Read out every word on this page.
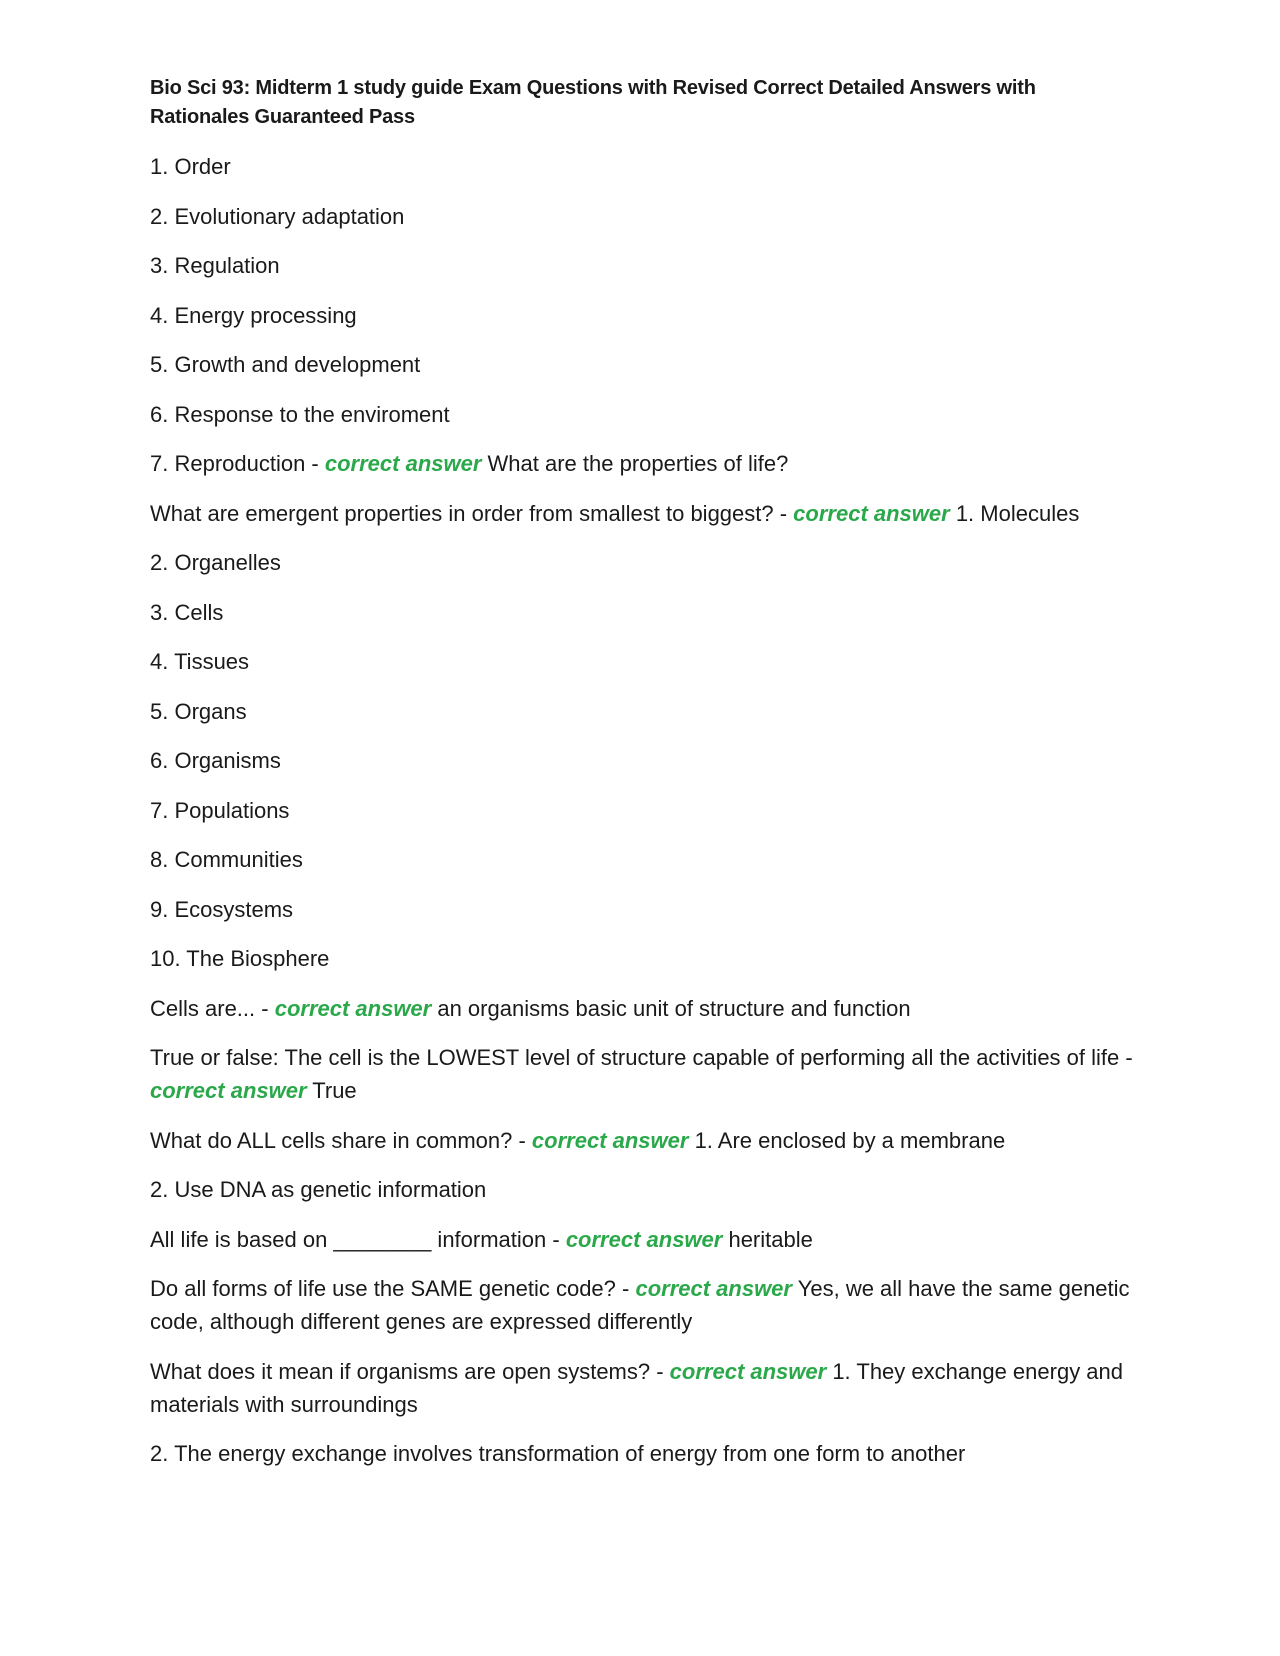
Bio Sci 93: Midterm 1 study guide Exam Questions with Revised Correct Detailed Answers with Rationales Guaranteed Pass

1. Order

2. Evolutionary adaptation

3. Regulation

4. Energy processing

5. Growth and development

6. Response to the enviroment

7. Reproduction - correct answer What are the properties of life?

What are emergent properties in order from smallest to biggest? - correct answer 1. Molecules

2. Organelles

3. Cells

4. Tissues

5. Organs

6. Organisms

7. Populations

8. Communities

9. Ecosystems

10. The Biosphere

Cells are... - correct answer an organisms basic unit of structure and function

True or false: The cell is the LOWEST level of structure capable of performing all the activities of life - correct answer True

What do ALL cells share in common? - correct answer 1. Are enclosed by a membrane

2. Use DNA as genetic information

All life is based on ________ information - correct answer heritable

Do all forms of life use the SAME genetic code? - correct answer Yes, we all have the same genetic code, although different genes are expressed differently

What does it mean if organisms are open systems? - correct answer 1. They exchange energy and materials with surroundings

2. The energy exchange involves transformation of energy from one form to another
